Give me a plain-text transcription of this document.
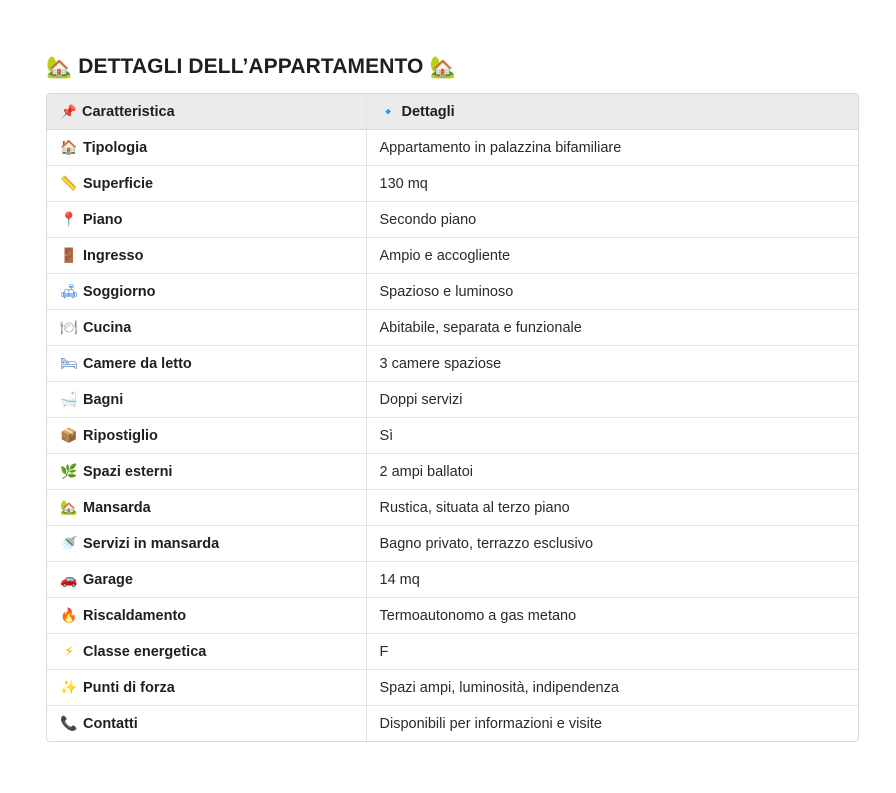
🏡 DETTAGLI DELL’APPARTAMENTO 🏡
📌 Caratteristica	🔹 Dettagli
🏠 Tipologia	Appartamento in palazzina bifamiliare
📏 Superficie	130 mq
📍 Piano	Secondo piano
🚪 Ingresso	Ampio e accogliente
🛋 Soggiorno	Spazioso e luminoso
🍽 Cucina	Abitabile, separata e funzionale
🛏 Camere da letto	3 camere spaziose
🛁 Bagni	Doppi servizi
📦 Ripostiglio	Sì
🌿 Spazi esterni	2 ampi ballatoi
🏡 Mansarda	Rustica, situata al terzo piano
🚿 Servizi in mansarda	Bagno privato, terrazzo esclusivo
🚗 Garage	14 mq
🔥 Riscaldamento	Termoautonomo a gas metano
⚡ Classe energetica	F
✨ Punti di forza	Spazi ampi, luminosità, indipendenza
📞 Contatti	Disponibili per informazioni e visite
